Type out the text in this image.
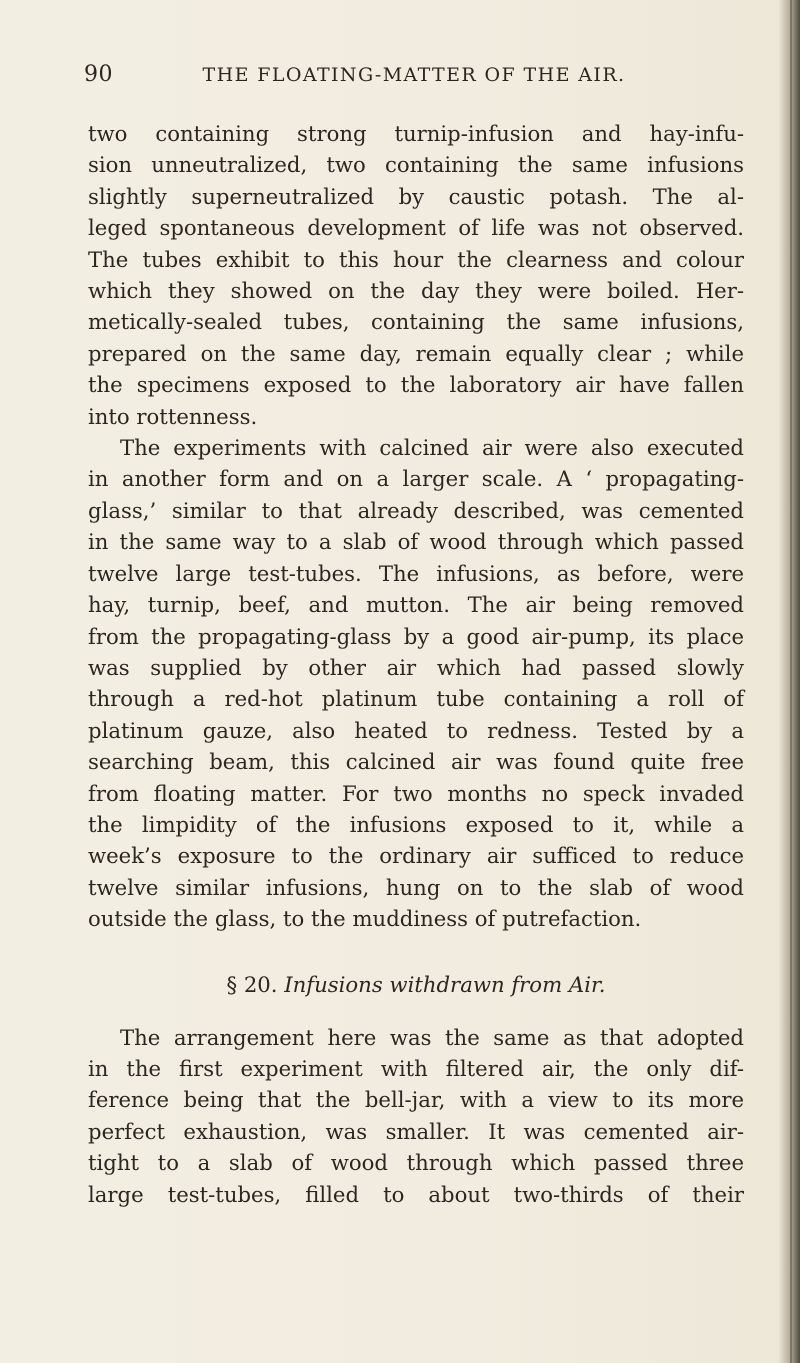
90	THE FLOATING-MATTER OF THE AIR.

two containing strong turnip-infusion and hay-infu-
sion unneutralized, two containing the same infusions
slightly superneutralized by caustic potash. The al-
leged spontaneous development of life was not observed.
The tubes exhibit to this hour the clearness and colour
which they showed on the day they were boiled. Her-
metically-sealed tubes, containing the same infusions,
prepared on the same day, remain equally clear ; while
the specimens exposed to the laboratory air have fallen
into rottenness.

The experiments with calcined air were also executed
in another form and on a larger scale. A ‘ propagating-
glass,’ similar to that already described, was cemented
in the same way to a slab of wood through which passed
twelve large test-tubes. The infusions, as before, were
hay, turnip, beef, and mutton. The air being removed
from the propagating-glass by a good air-pump, its place
was supplied by other air which had passed slowly
through a red-hot platinum tube containing a roll of
platinum gauze, also heated to redness. Tested by a
searching beam, this calcined air was found quite free
from floating matter. For two months no speck invaded
the limpidity of the infusions exposed to it, while a
week’s exposure to the ordinary air sufficed to reduce
twelve similar infusions, hung on to the slab of wood
outside the glass, to the muddiness of putrefaction.

§ 20. Infusions withdrawn from Air.

The arrangement here was the same as that adopted
in the first experiment with filtered air, the only dif-
ference being that the bell-jar, with a view to its more
perfect exhaustion, was smaller. It was cemented air-
tight to a slab of wood through which passed three
large test-tubes, filled to about two-thirds of their
